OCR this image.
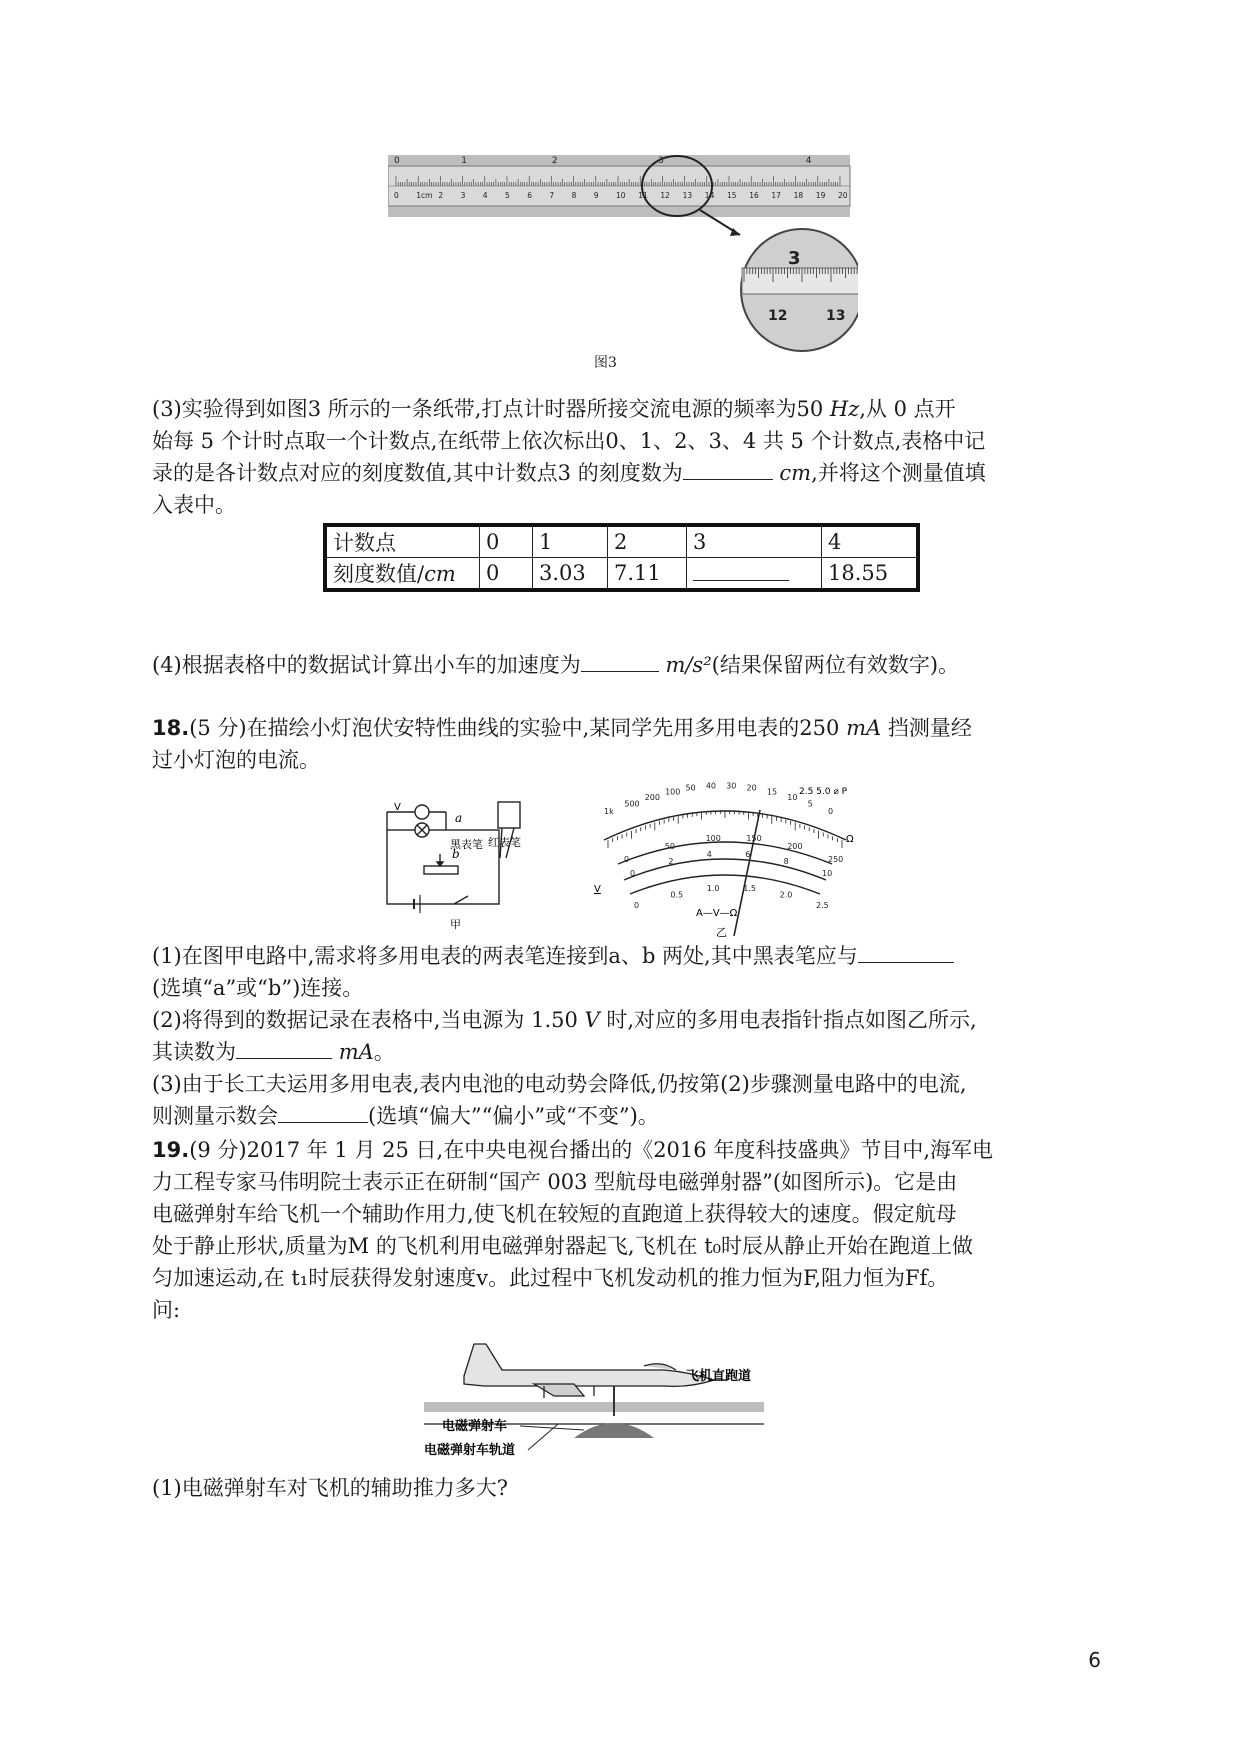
0	1	2	3	4
0 1cm 2 3 4 5 6 7 8 9 10 11 12 13 14 15 16 17 18 19 20
3
12	13
图3

(3)实验得到如图3 所示的一条纸带,打点计时器所接交流电源的频率为50 Hz,从 0 点开

始每 5 个计时点取一个计数点,在纸带上依次标出0、1、2、3、4 共 5 个计数点,表格中记

录的是各计数点对应的刻度数值,其中计数点3 的刻度数为	cm,并将这个测量值填

入表中。

计数点	0	1	2	3	4
刻度数值/cm	0	3.03	7.11		18.55

(4)根据表格中的数据试计算出小车的加速度为	m/s²(结果保留两位有效数字)。

18.(5 分)在描绘小灯泡伏安特性曲线的实验中,某同学先用多用电表的250 mA 挡测量经

过小灯泡的电流。

V
a
b
黑表笔 红表笔
甲
1k
500
200
100 50 40 30 20 15
10
5
0
0
50
100	150
200
250
0
2
4	6
8
10
0
0.5
1.0	1.5
2.0
2.5
2.5 5.0 ⌀ P
Ω
V
A—V—Ω
乙

(1)在图甲电路中,需求将多用电表的两表笔连接到a、b 两处,其中黑表笔应与

(选填“a”或“b”)连接。

(2)将得到的数据记录在表格中,当电源为 1.50 V 时,对应的多用电表指针指点如图乙所示,

其读数为	mA。

(3)由于长工夫运用多用电表,表内电池的电动势会降低,仍按第(2)步骤测量电路中的电流,

则测量示数会	(选填“偏大”“偏小”或“不变”)。

19.(9 分)2017 年 1 月 25 日,在中央电视台播出的《2016 年度科技盛典》节目中,海军电

力工程专家马伟明院士表示正在研制“国产 003 型航母电磁弹射器”(如图所示)。它是由

电磁弹射车给飞机一个辅助作用力,使飞机在较短的直跑道上获得较大的速度。假定航母

处于静止形状,质量为M 的飞机利用电磁弹射器起飞,飞机在 t₀时辰从静止开始在跑道上做

匀加速运动,在 t₁时辰获得发射速度v。此过程中飞机发动机的推力恒为F,阻力恒为Ff。

问:

飞机直跑道
电磁弹射车
电磁弹射车轨道

(1)电磁弹射车对飞机的辅助推力多大?

6
